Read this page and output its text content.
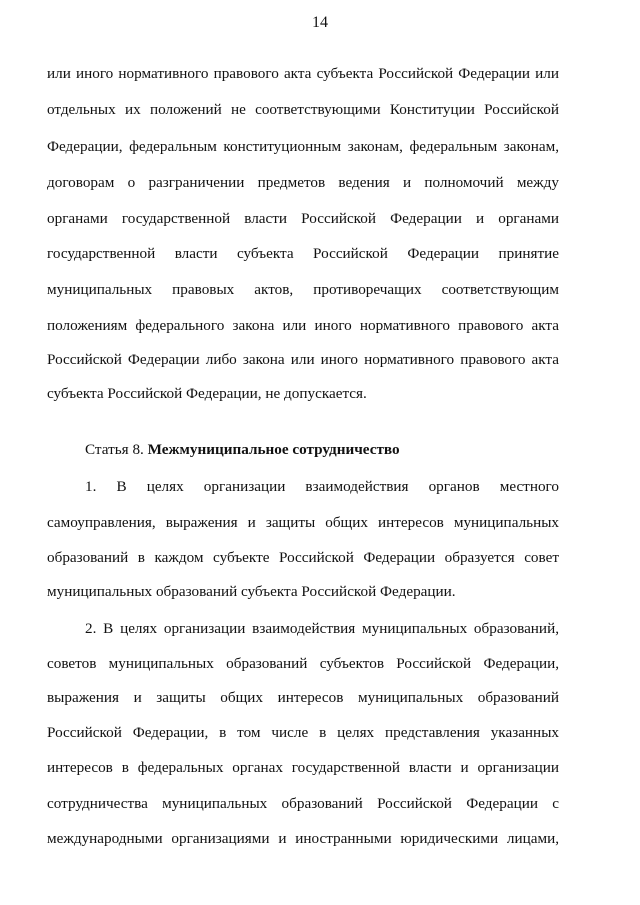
14
или иного нормативного правового акта субъекта Российской Федерации или
отдельных их положений не соответствующими Конституции Российской
Федерации, федеральным конституционным законам, федеральным законам,
договорам о разграничении предметов ведения и полномочий между
органами государственной власти Российской Федерации и органами
государственной власти субъекта Российской Федерации принятие
муниципальных правовых актов, противоречащих соответствующим
положениям федерального закона или иного нормативного правового акта
Российской Федерации либо закона или иного нормативного правового акта
субъекта Российской Федерации, не допускается.
Статья 8. Межмуниципальное сотрудничество
1. В целях организации взаимодействия органов местного
самоуправления, выражения и защиты общих интересов муниципальных
образований в каждом субъекте Российской Федерации образуется совет
муниципальных образований субъекта Российской Федерации.
2. В целях организации взаимодействия муниципальных образований,
советов муниципальных образований субъектов Российской Федерации,
выражения и защиты общих интересов муниципальных образований
Российской Федерации, в том числе в целях представления указанных
интересов в федеральных органах государственной власти и организации
сотрудничества муниципальных образований Российской Федерации с
международными организациями и иностранными юридическими лицами,
